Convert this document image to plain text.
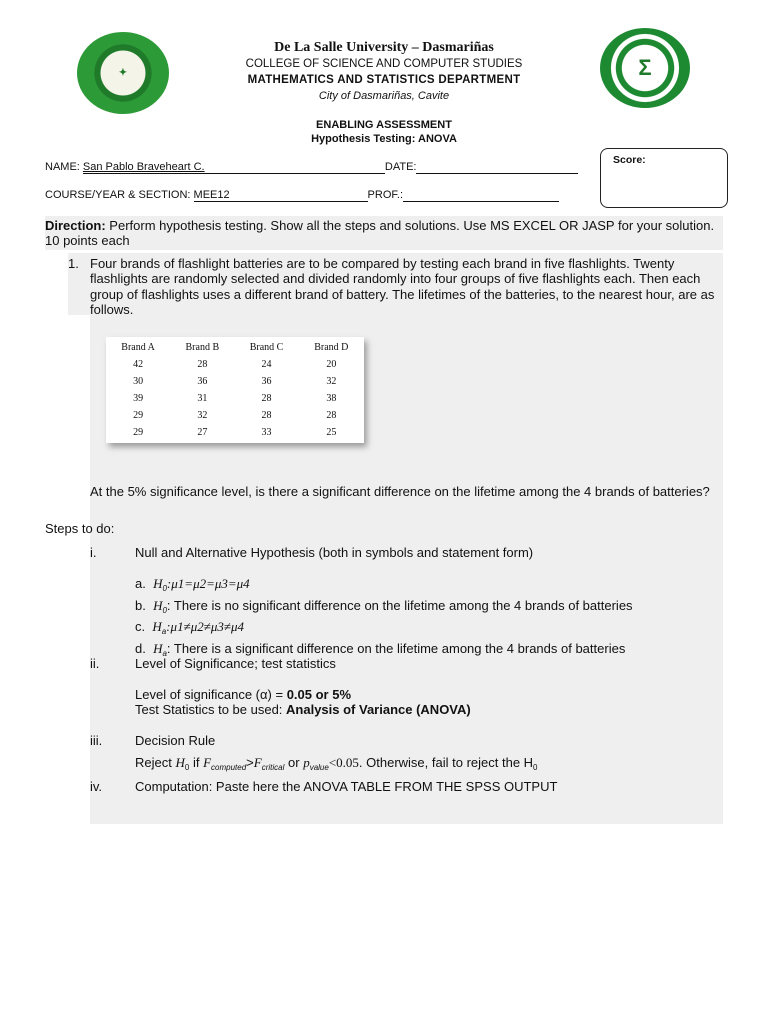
✦	Σ
De La Salle University – Dasmariñas
COLLEGE OF SCIENCE AND COMPUTER STUDIES
MATHEMATICS AND STATISTICS DEPARTMENT
City of Dasmariñas, Cavite
ENABLING ASSESSMENT
Hypothesis Testing: ANOVA
NAME: San Pablo Braveheart C.	DATE:
COURSE/YEAR & SECTION: MEE12	PROF.:
Score:
Direction: Perform hypothesis testing. Show all the steps and solutions. Use MS EXCEL OR JASP for your solution. 10 points each
1. Four brands of flashlight batteries are to be compared by testing each brand in five flashlights. Twenty flashlights are randomly selected and divided randomly into four groups of five flashlights each. Then each group of flashlights uses a different brand of battery. The lifetimes of the batteries, to the nearest hour, are as follows.
Brand A	Brand B	Brand C	Brand D
42	28	24	20
30	36	36	32
39	31	28	38
29	32	28	28
29	27	33	25
At the 5% significance level, is there a significant difference on the lifetime among the 4 brands of batteries?
Steps to do:
i.	Null and Alternative Hypothesis (both in symbols and statement form)
a. $H_0:\mu 1=\mu 2=\mu 3=\mu 4$
b. $H_0$: There is no significant difference on the lifetime among the 4 brands of batteries
c. $H_a:\mu 1\ne\mu 2\ne\mu 3\ne\mu 4$
d. $H_a$: There is a significant difference on the lifetime among the 4 brands of batteries
ii.	Level of Significance; test statistics
Level of significance (α) = 0.05 or 5%
Test Statistics to be used: Analysis of Variance (ANOVA)
iii.	Decision Rule
Reject $H_0$ if $F_{computed}>F_{critical}$ or $p_{value}<0.05$. Otherwise, fail to reject the $H_0$
iv.	Computation: Paste here the ANOVA TABLE FROM THE SPSS OUTPUT
